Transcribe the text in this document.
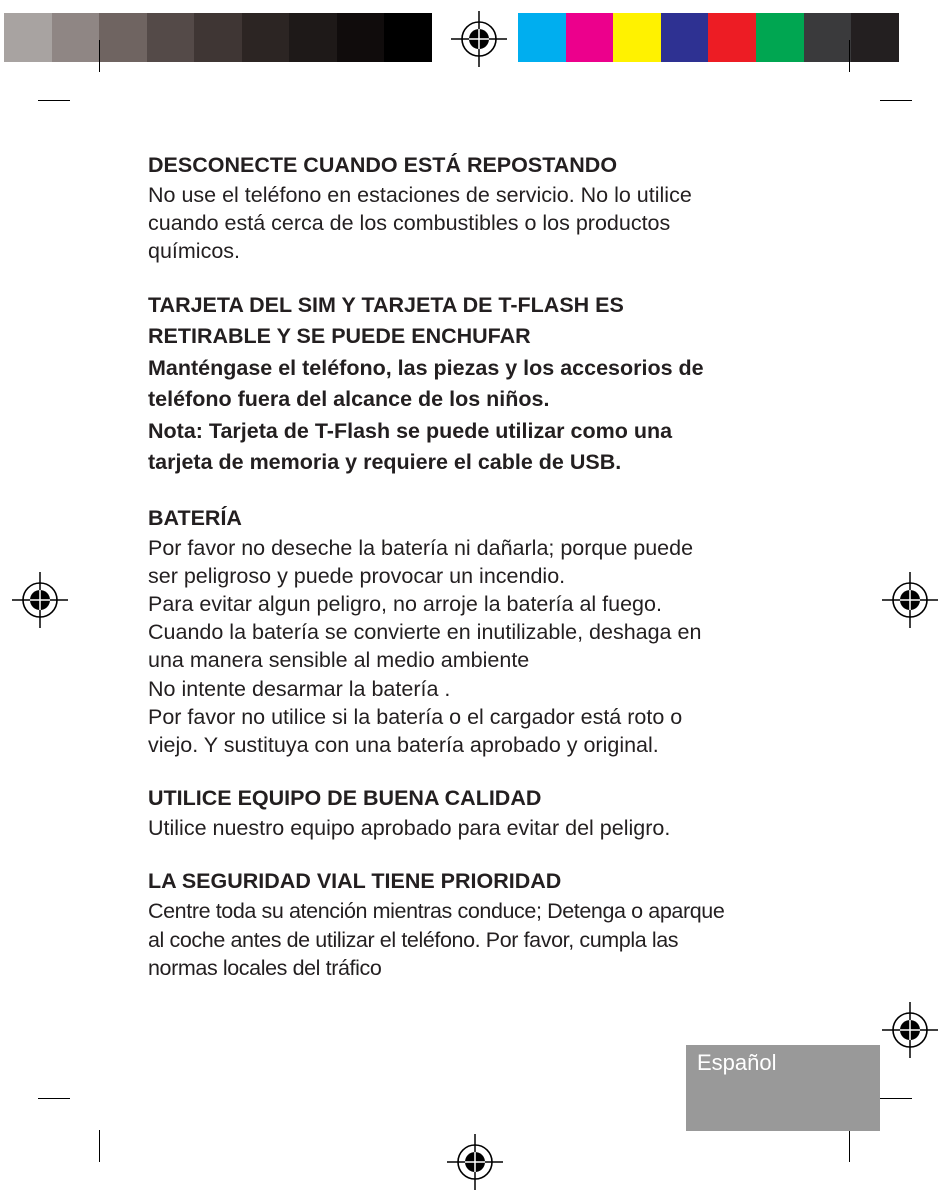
DESCONECTE CUANDO ESTÁ REPOSTANDO
No use el teléfono en estaciones de servicio. No lo utilice
cuando está cerca de los combustibles o los productos
químicos.
TARJETA DEL SIM Y TARJETA DE T-FLASH ES
RETIRABLE Y SE PUEDE ENCHUFAR
Manténgase el teléfono, las piezas y los accesorios de
teléfono fuera del alcance de los niños.
Nota: Tarjeta de T-Flash se puede utilizar como una
tarjeta de memoria y requiere el cable de USB.
BATERÍA
Por favor no deseche la batería ni dañarla; porque puede
ser peligroso y puede provocar un incendio.
Para evitar algun peligro, no arroje la batería al fuego.
Cuando la batería se convierte en inutilizable, deshaga en
una manera sensible al medio ambiente
No intente desarmar la batería .
Por favor no utilice si la batería o el cargador está roto o
viejo. Y sustituya con una batería aprobado y original.
UTILICE EQUIPO DE BUENA CALIDAD
Utilice nuestro equipo aprobado para evitar del peligro.
LA SEGURIDAD VIAL TIENE PRIORIDAD
Centre toda su atención mientras conduce; Detenga o aparque
al coche antes de utilizar el teléfono. Por favor, cumpla las
normas locales del tráfico
Español
